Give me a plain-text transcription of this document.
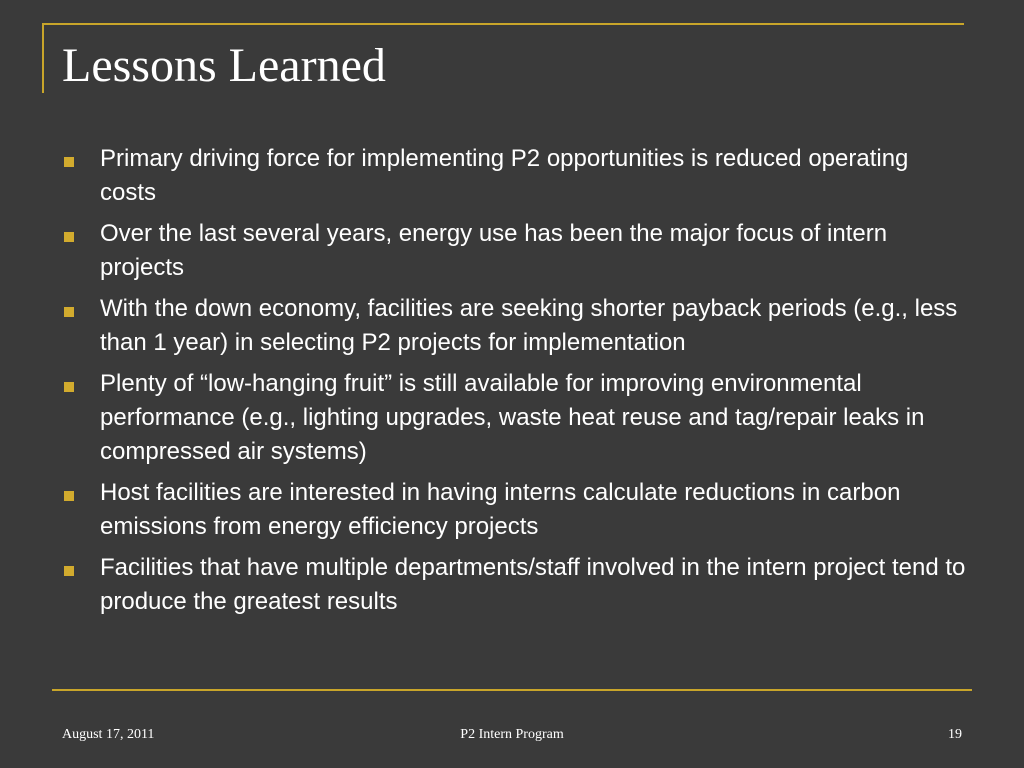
Lessons Learned
Primary driving force for implementing P2 opportunities is reduced operating costs
Over the last several years, energy use has been the major focus of intern projects
With the down economy, facilities are seeking shorter payback periods (e.g., less than 1 year) in selecting P2 projects for implementation
Plenty of “low-hanging fruit” is still available for improving environmental performance (e.g., lighting upgrades, waste heat reuse and tag/repair leaks in compressed air systems)
Host facilities are interested in having interns calculate reductions in carbon emissions from energy efficiency projects
Facilities that have multiple departments/staff involved in the intern project tend to produce the greatest results
August 17, 2011	P2 Intern Program	19
